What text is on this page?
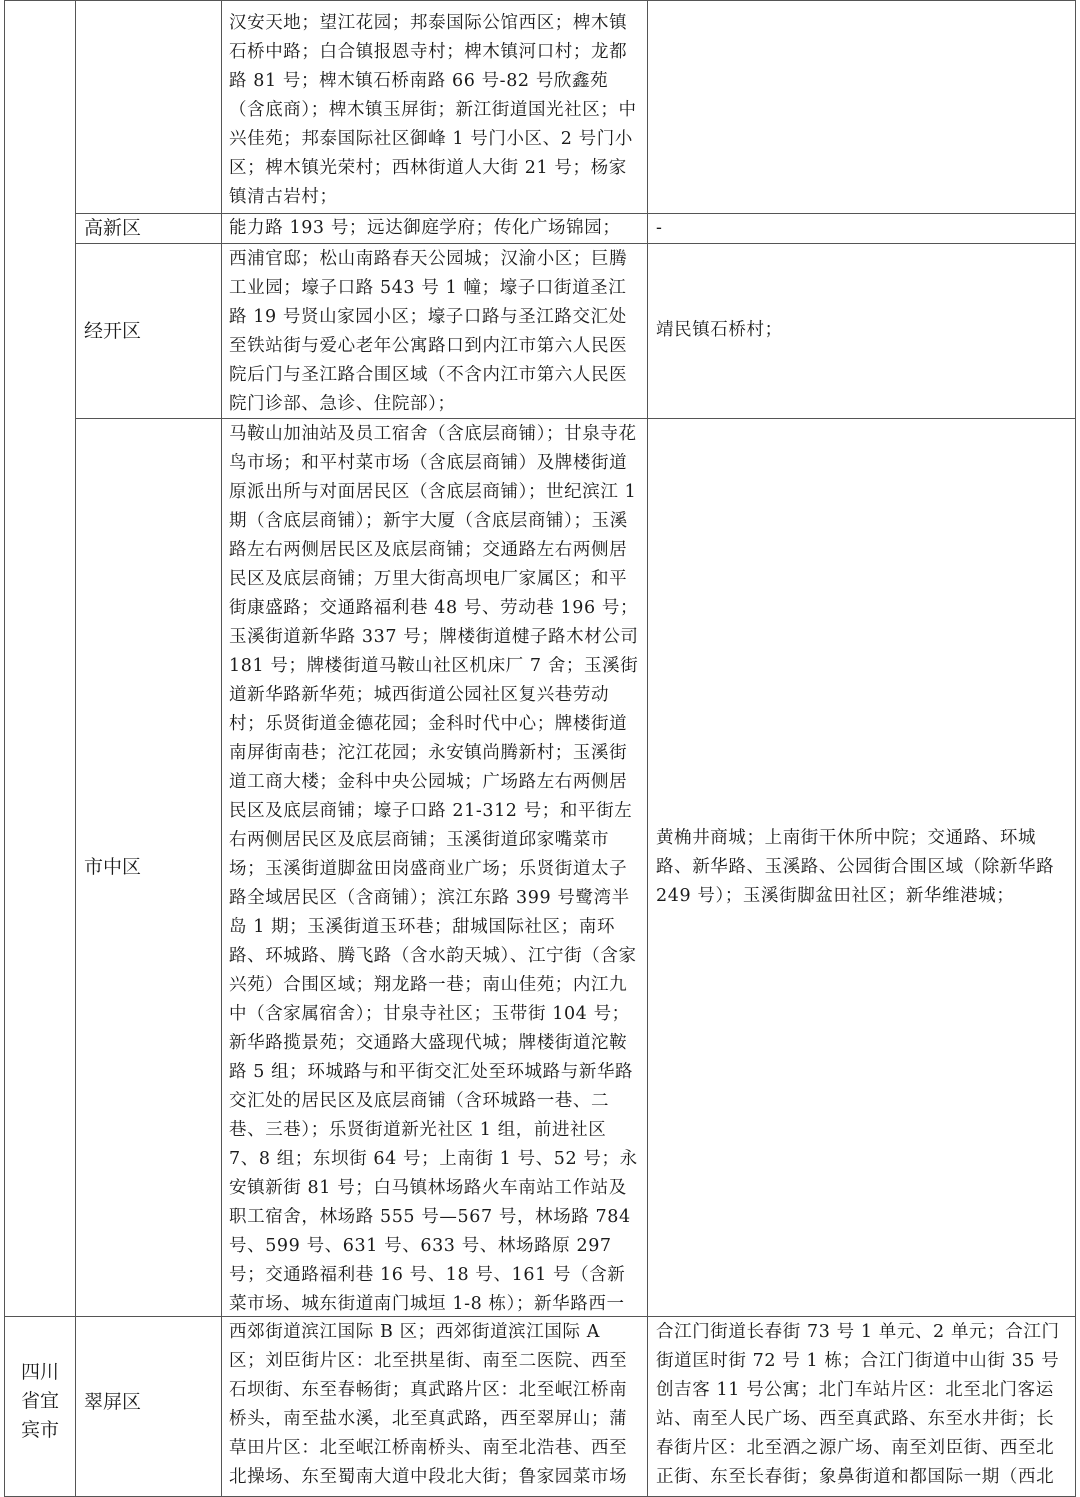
汉安天地；望江花园；邦泰国际公馆西区；椑木镇石桥中路；白合镇报恩寺村；椑木镇河口村；龙都路 81 号；椑木镇石桥南路 66 号-82 号欣鑫苑（含底商）；椑木镇玉屏街；新江街道国光社区；中兴佳苑；邦泰国际社区御峰 1 号门小区、2 号门小区；椑木镇光荣村；西林街道人大街 21 号；杨家镇清古岩村；
高新区	能力路 193 号；远达御庭学府；传化广场锦园；	-
经开区
西浦官邸；松山南路春天公园城；汉渝小区；巨腾工业园；壕子口路 543 号 1 幢；壕子口街道圣江路 19 号贤山家园小区；壕子口路与圣江路交汇处至铁站街与爱心老年公寓路口到内江市第六人民医院后门与圣江路合围区域（不含内江市第六人民医院门诊部、急诊、住院部）；
靖民镇石桥村；
市中区
马鞍山加油站及员工宿舍（含底层商铺）；甘泉寺花鸟市场；和平村菜市场（含底层商铺）及牌楼街道原派出所与对面居民区（含底层商铺）；世纪滨江 1 期（含底层商铺）；新宇大厦（含底层商铺）；玉溪路左右两侧居民区及底层商铺；交通路左右两侧居民区及底层商铺；万里大街高坝电厂家属区；和平街康盛路；交通路福利巷 48 号、劳动巷 196 号；玉溪街道新华路 337 号；牌楼街道楗子路木材公司 181 号；牌楼街道马鞍山社区机床厂 7 舍；玉溪街道新华路新华苑；城西街道公园社区复兴巷劳动村；乐贤街道金德花园；金科时代中心；牌楼街道南屏街南巷；沱江花园；永安镇尚腾新村；玉溪街道工商大楼；金科中央公园城；广场路左右两侧居民区及底层商铺；壕子口路 21-312 号；和平街左右两侧居民区及底层商铺；玉溪街道邱家嘴菜市场；玉溪街道脚盆田岗盛商业广场；乐贤街道太子路全域居民区（含商铺）；滨江东路 399 号鹭湾半岛 1 期；玉溪街道玉环巷；甜城国际社区；南环路、环城路、腾飞路（含水韵天城）、江宁街（含家兴苑）合围区域；翔龙路一巷；南山佳苑；内江九中（含家属宿舍）；甘泉寺社区；玉带街 104 号；新华路揽景苑；交通路大盛现代城；牌楼街道沱鞍路 5 组；环城路与和平街交汇处至环城路与新华路交汇处的居民区及底层商铺（含环城路一巷、二巷、三巷）；乐贤街道新光社区 1 组，前进社区 7、8 组；东坝街 64 号；上南街 1 号、52 号；永安镇新街 81 号；白马镇林场路火车南站工作站及职工宿舍，林场路 555 号—567 号，林场路 784 号、599 号、631 号、633 号、林场路原 297 号；交通路福利巷 16 号、18 号、161 号（含新菜市场、城东街道南门城垣 1-8 栋）；新华路西一
黄桷井商城；上南街干休所中院；交通路、环城路、新华路、玉溪路、公园街合围区域（除新华路 249 号）；玉溪街脚盆田社区；新华维港城；
四川省宜宾市
翠屏区
西郊街道滨江国际 B 区；西郊街道滨江国际 A 区；刘臣街片区：北至拱星街、南至二医院、西至石坝街、东至春畅街；真武路片区：北至岷江桥南桥头，南至盐水溪，北至真武路，西至翠屏山；蒲草田片区：北至岷江桥南桥头、南至北浩巷、西至北操场、东至蜀南大道中段北大街；鲁家园菜市场
合江门街道长春街 73 号 1 单元、2 单元；合江门街道匡时街 72 号 1 栋；合江门街道中山街 35 号创吉客 11 号公寓；北门车站片区：北至北门客运站、南至人民广场、西至真武路、东至水井街；长春街片区：北至酒之源广场、南至刘臣街、西至北正街、东至长春街；象鼻街道和都国际一期（西北
